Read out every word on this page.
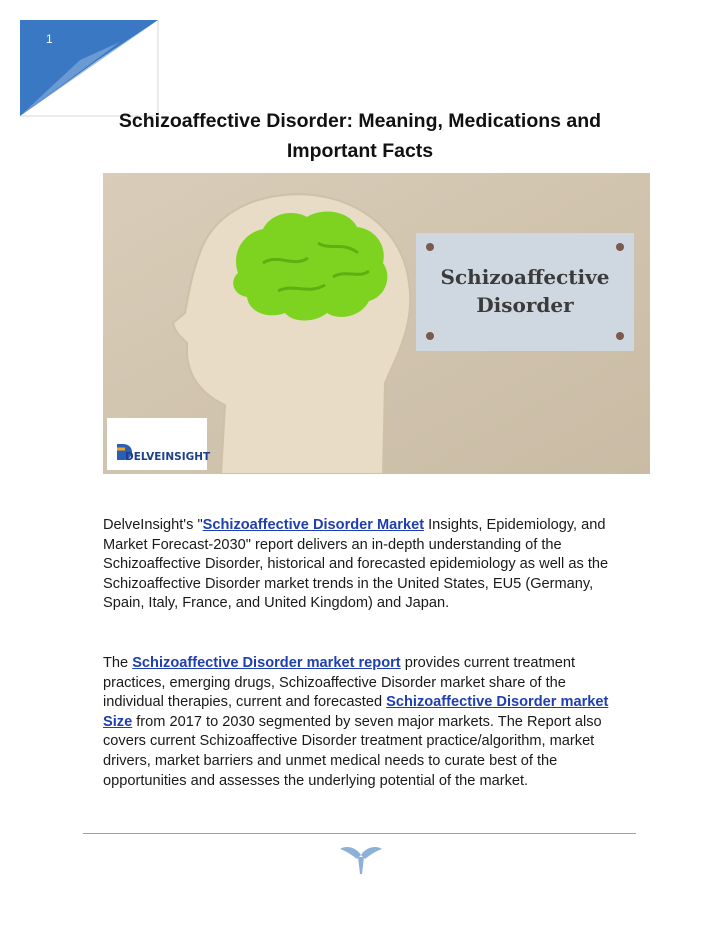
1
Schizoaffective Disorder: Meaning, Medications and
Important Facts
Schizoaffective
Disorder
DELVEINSIGHT
DelveInsight's "Schizoaffective Disorder Market Insights, Epidemiology, and Market Forecast-2030" report delivers an in-depth understanding of the Schizoaffective Disorder, historical and forecasted epidemiology as well as the Schizoaffective Disorder market trends in the United States, EU5 (Germany, Spain, Italy, France, and United Kingdom) and Japan.
The Schizoaffective Disorder market report provides current treatment practices, emerging drugs, Schizoaffective Disorder market share of the individual therapies, current and forecasted Schizoaffective Disorder market Size from 2017 to 2030 segmented by seven major markets. The Report also covers current Schizoaffective Disorder treatment practice/algorithm, market drivers, market barriers and unmet medical needs to curate best of the opportunities and assesses the underlying potential of the market.
